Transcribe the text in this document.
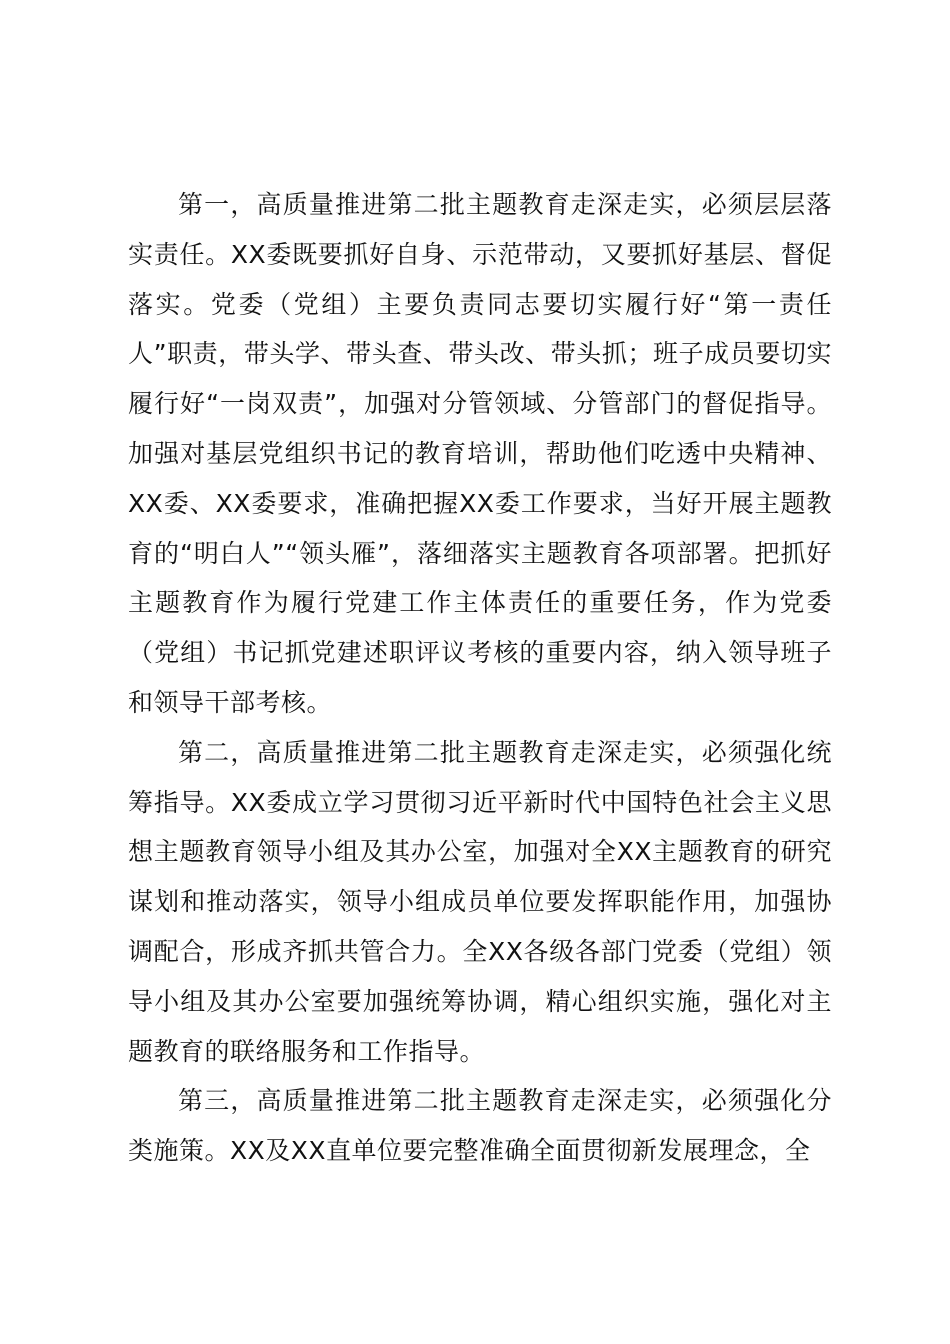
第一，高质量推进第二批主题教育走深走实，必须层层落实责任。XX委既要抓好自身、示范带动，又要抓好基层、督促落实。党委（党组）主要负责同志要切实履行好“第一责任人”职责，带头学、带头查、带头改、带头抓；班子成员要切实履行好“一岗双责”，加强对分管领域、分管部门的督促指导。加强对基层党组织书记的教育培训，帮助他们吃透中央精神、XX委、XX委要求，准确把握XX委工作要求，当好开展主题教育的“明白人”“领头雁”，落细落实主题教育各项部署。把抓好主题教育作为履行党建工作主体责任的重要任务，作为党委（党组）书记抓党建述职评议考核的重要内容，纳入领导班子和领导干部考核。

第二，高质量推进第二批主题教育走深走实，必须强化统筹指导。XX委成立学习贯彻习近平新时代中国特色社会主义思想主题教育领导小组及其办公室，加强对全XX主题教育的研究谋划和推动落实，领导小组成员单位要发挥职能作用，加强协调配合，形成齐抓共管合力。全XX各级各部门党委（党组）领导小组及其办公室要加强统筹协调，精心组织实施，强化对主题教育的联络服务和工作指导。

第三，高质量推进第二批主题教育走深走实，必须强化分类施策。XX及XX直单位要完整准确全面贯彻新发展理念，全
